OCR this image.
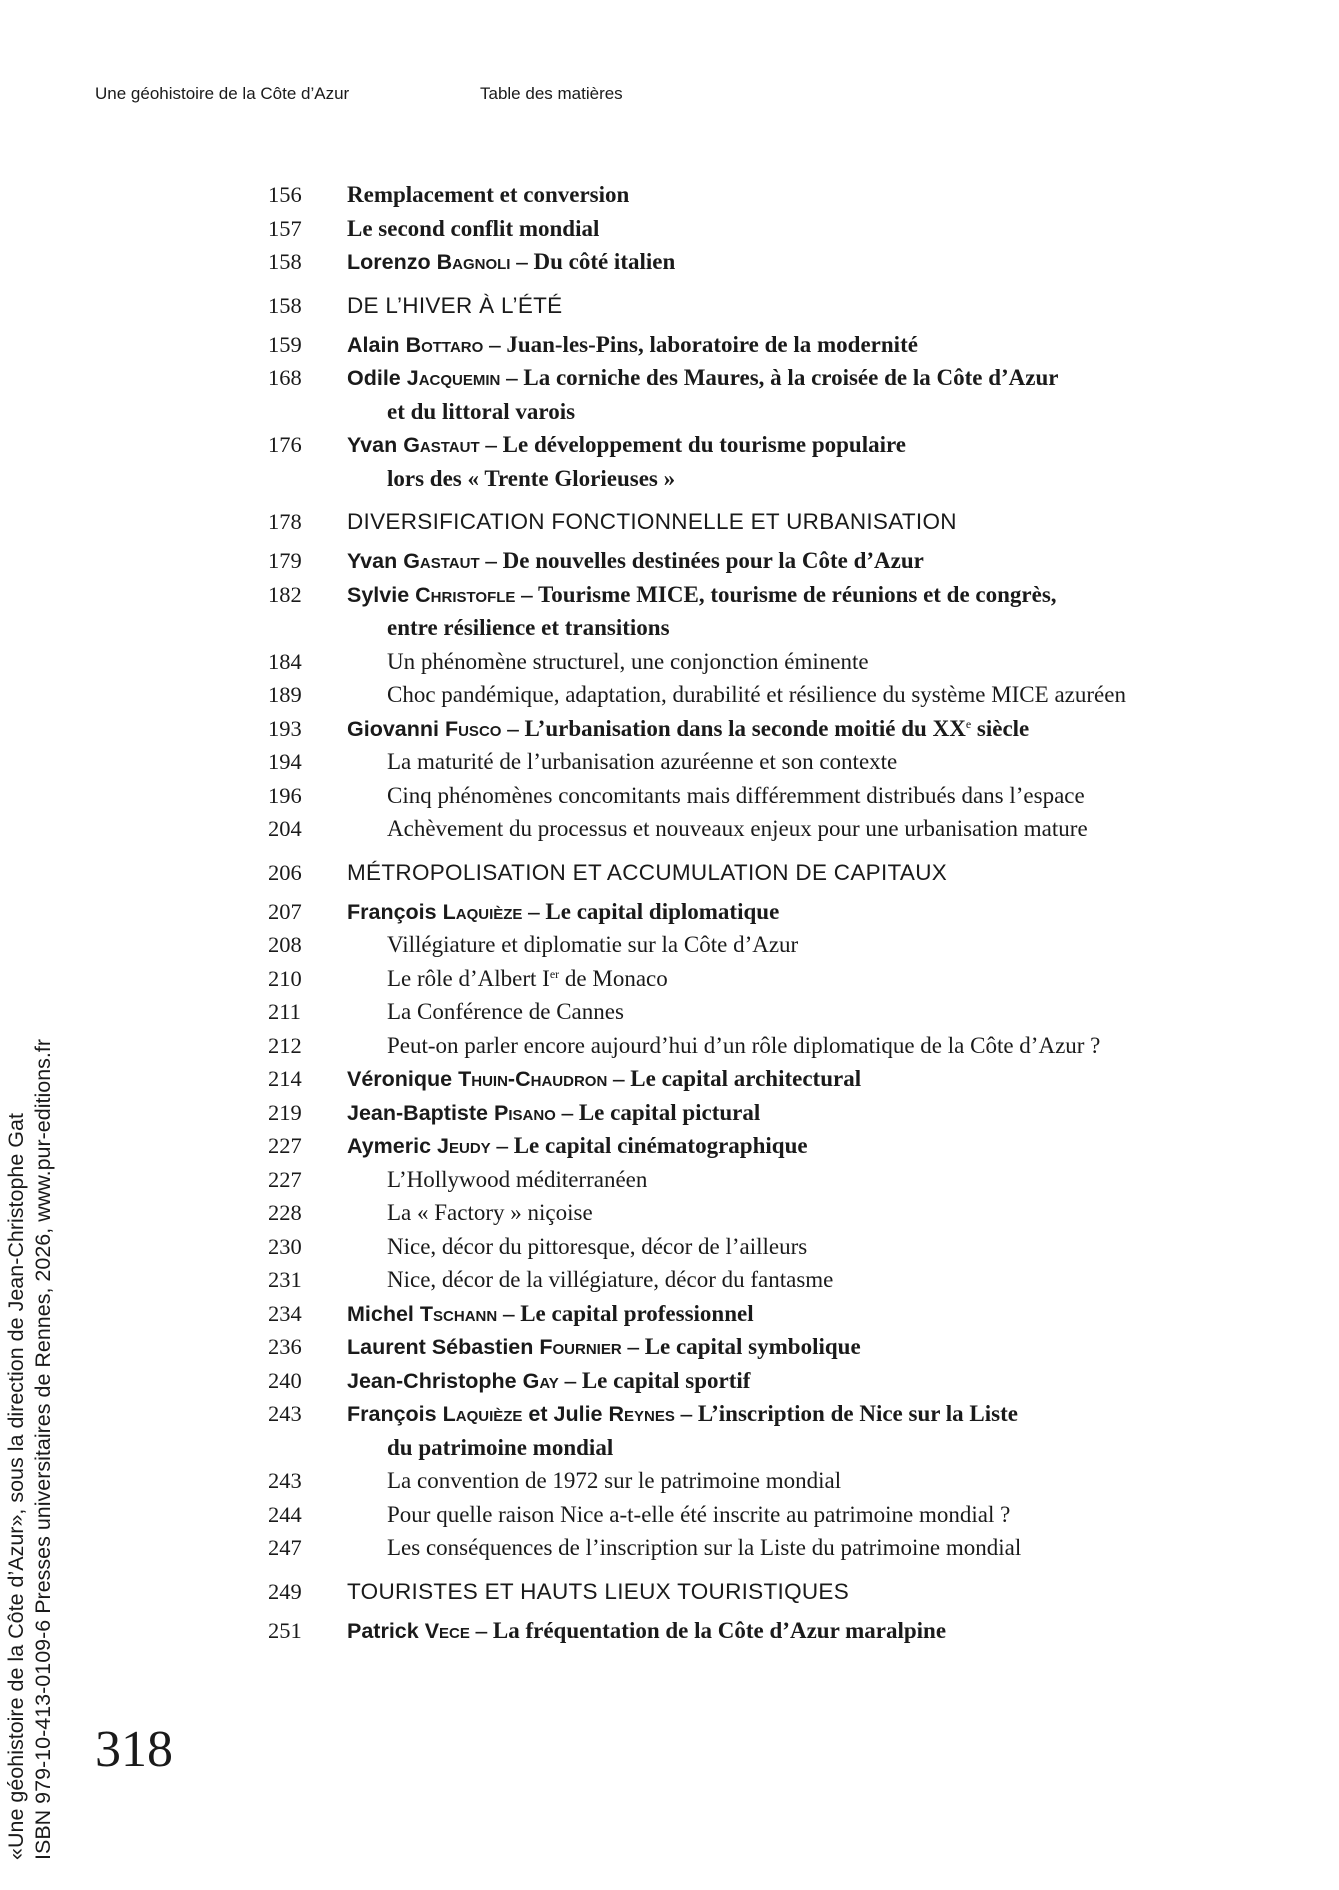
Une géohistoire de la Côte d’Azur	Table des matières
156	Remplacement et conversion
157	Le second conflit mondial
158	Lorenzo Bagnoli – Du côté italien
158	DE L’HIVER À L’ÉTÉ
159	Alain Bottaro – Juan-les-Pins, laboratoire de la modernité
168	Odile Jacquemin – La corniche des Maures, à la croisée de la Côte d’Azur
et du littoral varois
176	Yvan Gastaut – Le développement du tourisme populaire
lors des « Trente Glorieuses »
178	DIVERSIFICATION FONCTIONNELLE ET URBANISATION
179	Yvan Gastaut – De nouvelles destinées pour la Côte d’Azur
182	Sylvie Christofle – Tourisme MICE, tourisme de réunions et de congrès,
entre résilience et transitions
184	Un phénomène structurel, une conjonction éminente
189	Choc pandémique, adaptation, durabilité et résilience du système MICE azuréen
193	Giovanni Fusco – L’urbanisation dans la seconde moitié du XXe siècle
194	La maturité de l’urbanisation azuréenne et son contexte
196	Cinq phénomènes concomitants mais différemment distribués dans l’espace
204	Achèvement du processus et nouveaux enjeux pour une urbanisation mature
206	MÉTROPOLISATION ET ACCUMULATION DE CAPITAUX
207	François Laquièze – Le capital diplomatique
208	Villégiature et diplomatie sur la Côte d’Azur
210	Le rôle d’Albert Ier de Monaco
211	La Conférence de Cannes
212	Peut-on parler encore aujourd’hui d’un rôle diplomatique de la Côte d’Azur ?
214	Véronique Thuin-Chaudron – Le capital architectural
219	Jean-Baptiste Pisano – Le capital pictural
227	Aymeric Jeudy – Le capital cinématographique
227	L’Hollywood méditerranéen
228	La « Factory » niçoise
230	Nice, décor du pittoresque, décor de l’ailleurs
231	Nice, décor de la villégiature, décor du fantasme
234	Michel Tschann – Le capital professionnel
236	Laurent Sébastien Fournier – Le capital symbolique
240	Jean-Christophe Gay – Le capital sportif
243	François Laquièze et Julie Reynes – L’inscription de Nice sur la Liste
du patrimoine mondial
243	La convention de 1972 sur le patrimoine mondial
244	Pour quelle raison Nice a-t-elle été inscrite au patrimoine mondial ?
247	Les conséquences de l’inscription sur la Liste du patrimoine mondial
249	TOURISTES ET HAUTS LIEUX TOURISTIQUES
251	Patrick Vece – La fréquentation de la Côte d’Azur maralpine
«Une géohistoire de la Côte d’Azur», sous la direction de Jean-Christophe Gat ISBN 979-10-413-0109-6 Presses universitaires de Rennes, 2026, www.pur-editions.fr 318
